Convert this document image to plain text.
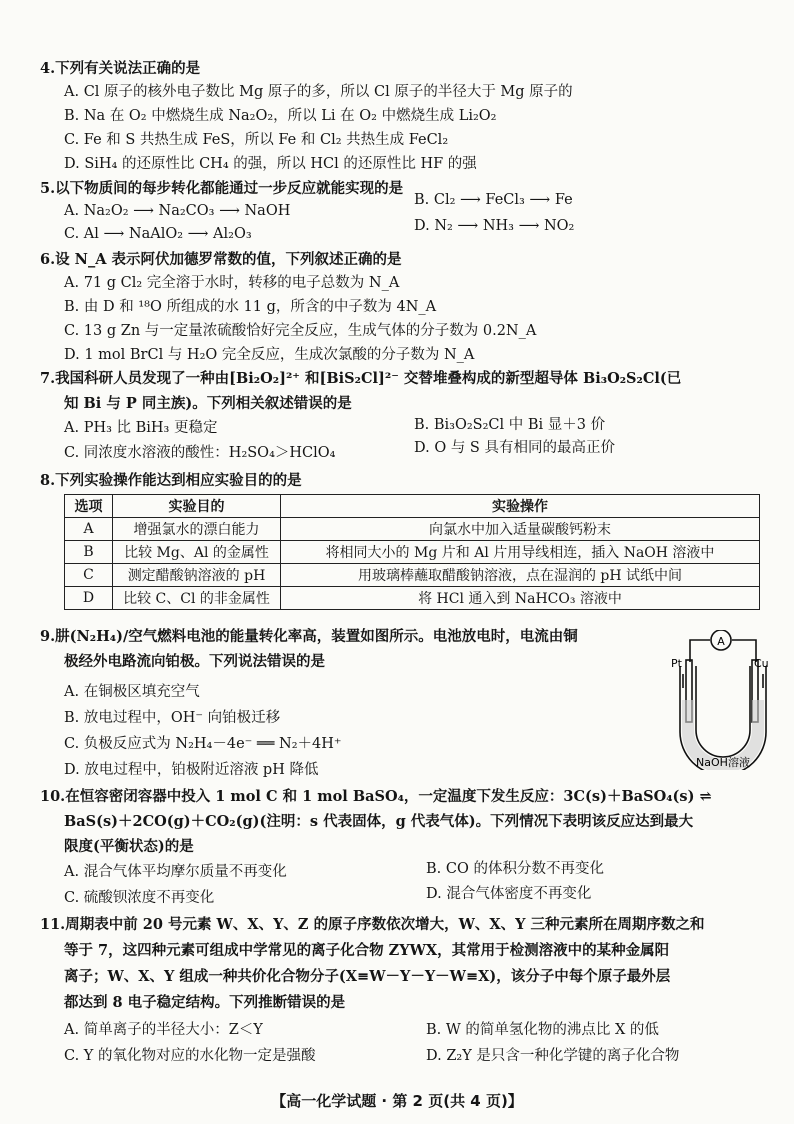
4.下列有关说法正确的是
A. Cl 原子的核外电子数比 Mg 原子的多，所以 Cl 原子的半径大于 Mg 原子的
B. Na 在 O₂ 中燃烧生成 Na₂O₂，所以 Li 在 O₂ 中燃烧生成 Li₂O₂
C. Fe 和 S 共热生成 FeS，所以 Fe 和 Cl₂ 共热生成 FeCl₂
D. SiH₄ 的还原性比 CH₄ 的强，所以 HCl 的还原性比 HF 的强
5.以下物质间的每步转化都能通过一步反应就能实现的是
A. Na₂O₂ ⟶ Na₂CO₃ ⟶ NaOH
B. Cl₂ ⟶ FeCl₃ ⟶ Fe
C. Al ⟶ NaAlO₂ ⟶ Al₂O₃	D. N₂ ⟶ NH₃ ⟶ NO₂
6.设 N_A 表示阿伏加德罗常数的值，下列叙述正确的是
A. 71 g Cl₂ 完全溶于水时，转移的电子总数为 N_A
B. 由 D 和 ¹⁸O 所组成的水 11 g，所含的中子数为 4N_A
C. 13 g Zn 与一定量浓硫酸恰好完全反应，生成气体的分子数为 0.2N_A
D. 1 mol BrCl 与 H₂O 完全反应，生成次氯酸的分子数为 N_A
7.我国科研人员发现了一种由[Bi₂O₂]²⁺ 和[BiS₂Cl]²⁻ 交替堆叠构成的新型超导体 Bi₃O₂S₂Cl(已
知 Bi 与 P 同主族)。下列相关叙述错误的是
A. PH₃ 比 BiH₃ 更稳定	B. Bi₃O₂S₂Cl 中 Bi 显＋3 价
C. 同浓度水溶液的酸性：H₂SO₄＞HClO₄	D. O 与 S 具有相同的最高正价
8.下列实验操作能达到相应实验目的的是
选项	实验目的	实验操作
A	增强氯水的漂白能力	向氯水中加入适量碳酸钙粉末
B	比较 Mg、Al 的金属性	将相同大小的 Mg 片和 Al 片用导线相连，插入 NaOH 溶液中
C	测定醋酸钠溶液的 pH	用玻璃棒蘸取醋酸钠溶液，点在湿润的 pH 试纸中间
D	比较 C、Cl 的非金属性	将 HCl 通入到 NaHCO₃ 溶液中
9.肼(N₂H₄)/空气燃料电池的能量转化率高，装置如图所示。电池放电时，电流由铜
极经外电路流向铂极。下列说法错误的是
A. 在铜极区填充空气
B. 放电过程中，OH⁻ 向铂极迁移
C. 负极反应式为 N₂H₄－4e⁻ ══ N₂＋4H⁺
D. 放电过程中，铂极附近溶液 pH 降低
A
Pt	Cu
NaOH溶液
10.在恒容密闭容器中投入 1 mol C 和 1 mol BaSO₄，一定温度下发生反应：3C(s)＋BaSO₄(s) ⇌
BaS(s)＋2CO(g)＋CO₂(g)(注明：s 代表固体，g 代表气体)。下列情况下表明该反应达到最大
限度(平衡状态)的是
A. 混合气体平均摩尔质量不再变化	B. CO 的体积分数不再变化
C. 硫酸钡浓度不再变化	D. 混合气体密度不再变化
11.周期表中前 20 号元素 W、X、Y、Z 的原子序数依次增大，W、X、Y 三种元素所在周期序数之和
等于 7，这四种元素可组成中学常见的离子化合物 ZYWX，其常用于检测溶液中的某种金属阳
离子；W、X、Y 组成一种共价化合物分子(X≡W－Y－Y－W≡X)，该分子中每个原子最外层
都达到 8 电子稳定结构。下列推断错误的是
A. 简单离子的半径大小：Z＜Y	B. W 的简单氢化物的沸点比 X 的低
C. Y 的氧化物对应的水化物一定是强酸	D. Z₂Y 是只含一种化学键的离子化合物
【高一化学试题 · 第 2 页(共 4 页)】
